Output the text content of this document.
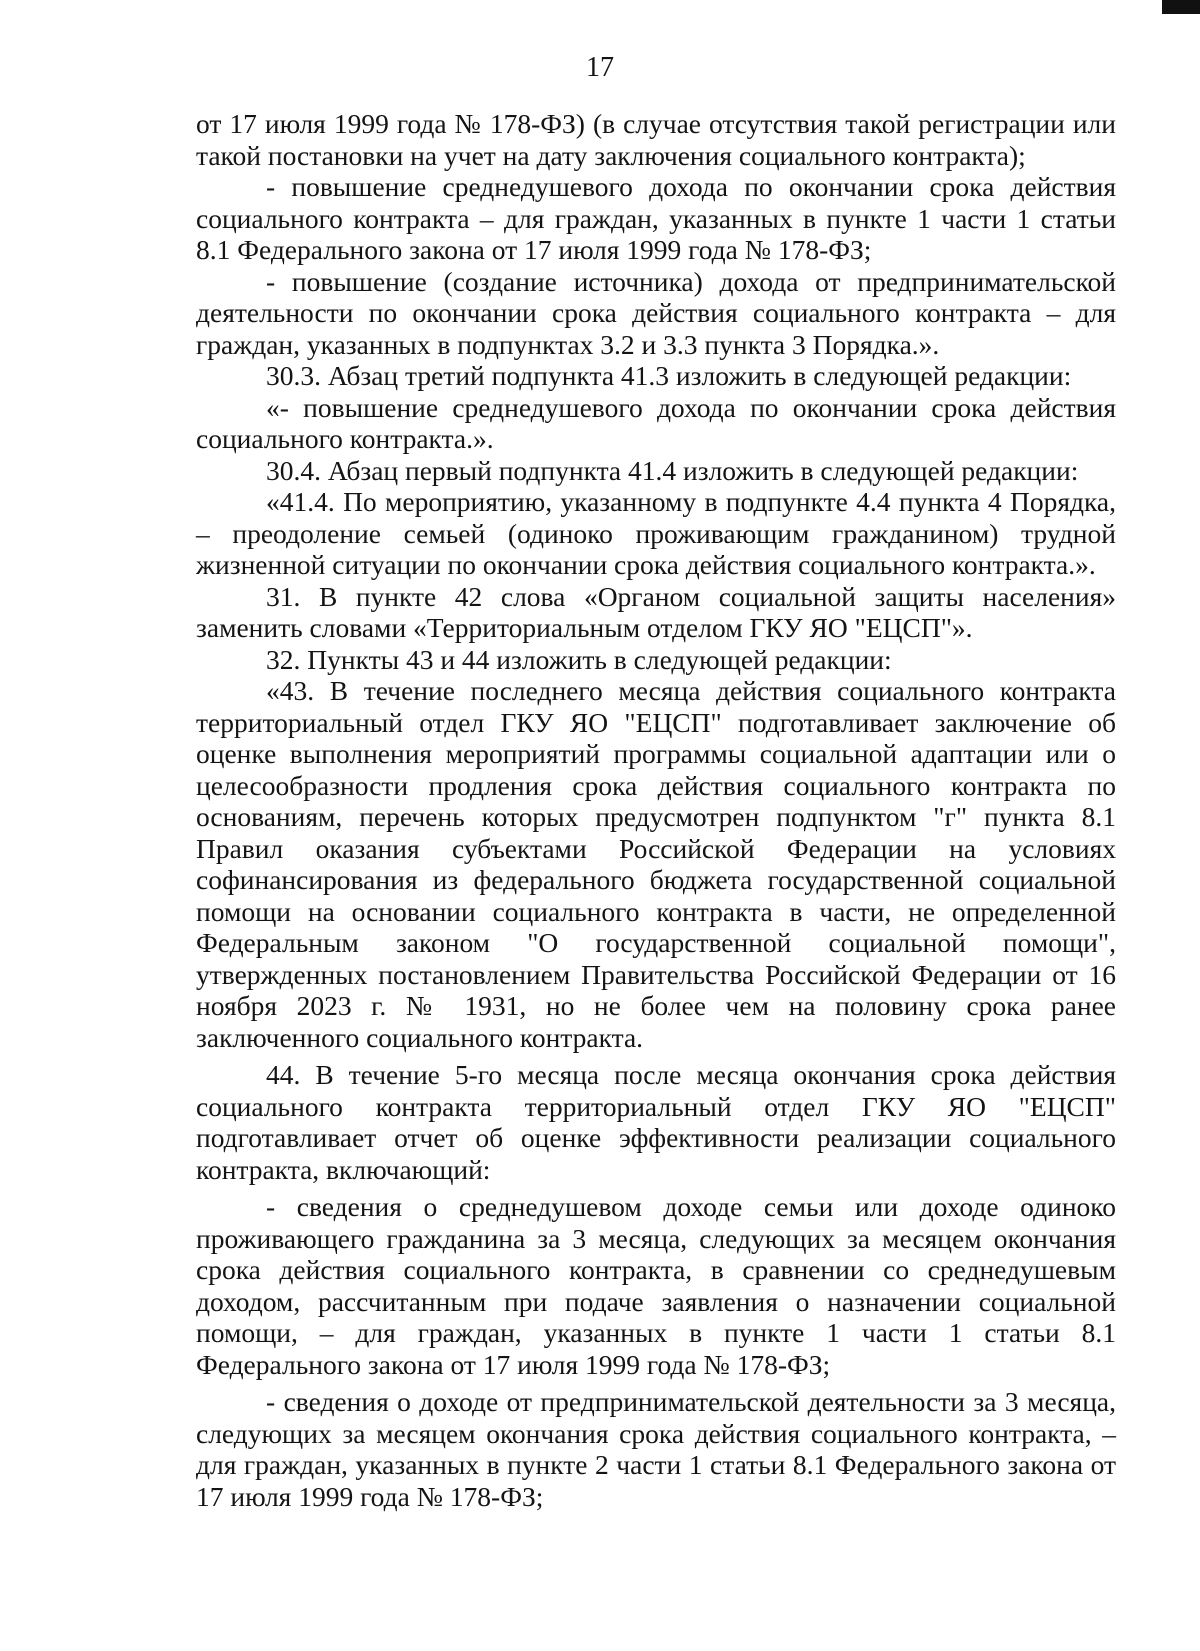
17

от 17 июля 1999 года № 178-ФЗ) (в случае отсутствия такой регистрации или такой постановки на учет на дату заключения социального контракта);

- повышение среднедушевого дохода по окончании срока действия социального контракта – для граждан, указанных в пункте 1 части 1 статьи 8.1 Федерального закона от 17 июля 1999 года № 178-ФЗ;

- повышение (создание источника) дохода от предпринимательской деятельности по окончании срока действия социального контракта – для граждан, указанных в подпунктах 3.2 и 3.3 пункта 3 Порядка.».

30.3. Абзац третий подпункта 41.3 изложить в следующей редакции:

«- повышение среднедушевого дохода по окончании срока действия социального контракта.».

30.4. Абзац первый подпункта 41.4 изложить в следующей редакции:

«41.4. По мероприятию, указанному в подпункте 4.4 пункта 4 Порядка, – преодоление семьей (одиноко проживающим гражданином) трудной жизненной ситуации по окончании срока действия социального контракта.».

31. В пункте 42 слова «Органом социальной защиты населения» заменить словами «Территориальным отделом ГКУ ЯО "ЕЦСП"».

32. Пункты 43 и 44 изложить в следующей редакции:

«43. В течение последнего месяца действия социального контракта территориальный отдел ГКУ ЯО "ЕЦСП" подготавливает заключение об оценке выполнения мероприятий программы социальной адаптации или о целесообразности продления срока действия социального контракта по основаниям, перечень которых предусмотрен подпунктом "г" пункта 8.1 Правил оказания субъектами Российской Федерации на условиях софинансирования из федерального бюджета государственной социальной помощи на основании социального контракта в части, не определенной Федеральным законом "О государственной социальной помощи", утвержденных постановлением Правительства Российской Федерации от 16 ноября 2023 г. № 1931, но не более чем на половину срока ранее заключенного социального контракта.

44. В течение 5-го месяца после месяца окончания срока действия социального контракта территориальный отдел ГКУ ЯО "ЕЦСП" подготавливает отчет об оценке эффективности реализации социального контракта, включающий:

- сведения о среднедушевом доходе семьи или доходе одиноко проживающего гражданина за 3 месяца, следующих за месяцем окончания срока действия социального контракта, в сравнении со среднедушевым доходом, рассчитанным при подаче заявления о назначении социальной помощи, – для граждан, указанных в пункте 1 части 1 статьи 8.1 Федерального закона от 17 июля 1999 года № 178-ФЗ;

- сведения о доходе от предпринимательской деятельности за 3 месяца, следующих за месяцем окончания срока действия социального контракта, – для граждан, указанных в пункте 2 части 1 статьи 8.1 Федерального закона от 17 июля 1999 года № 178-ФЗ;
